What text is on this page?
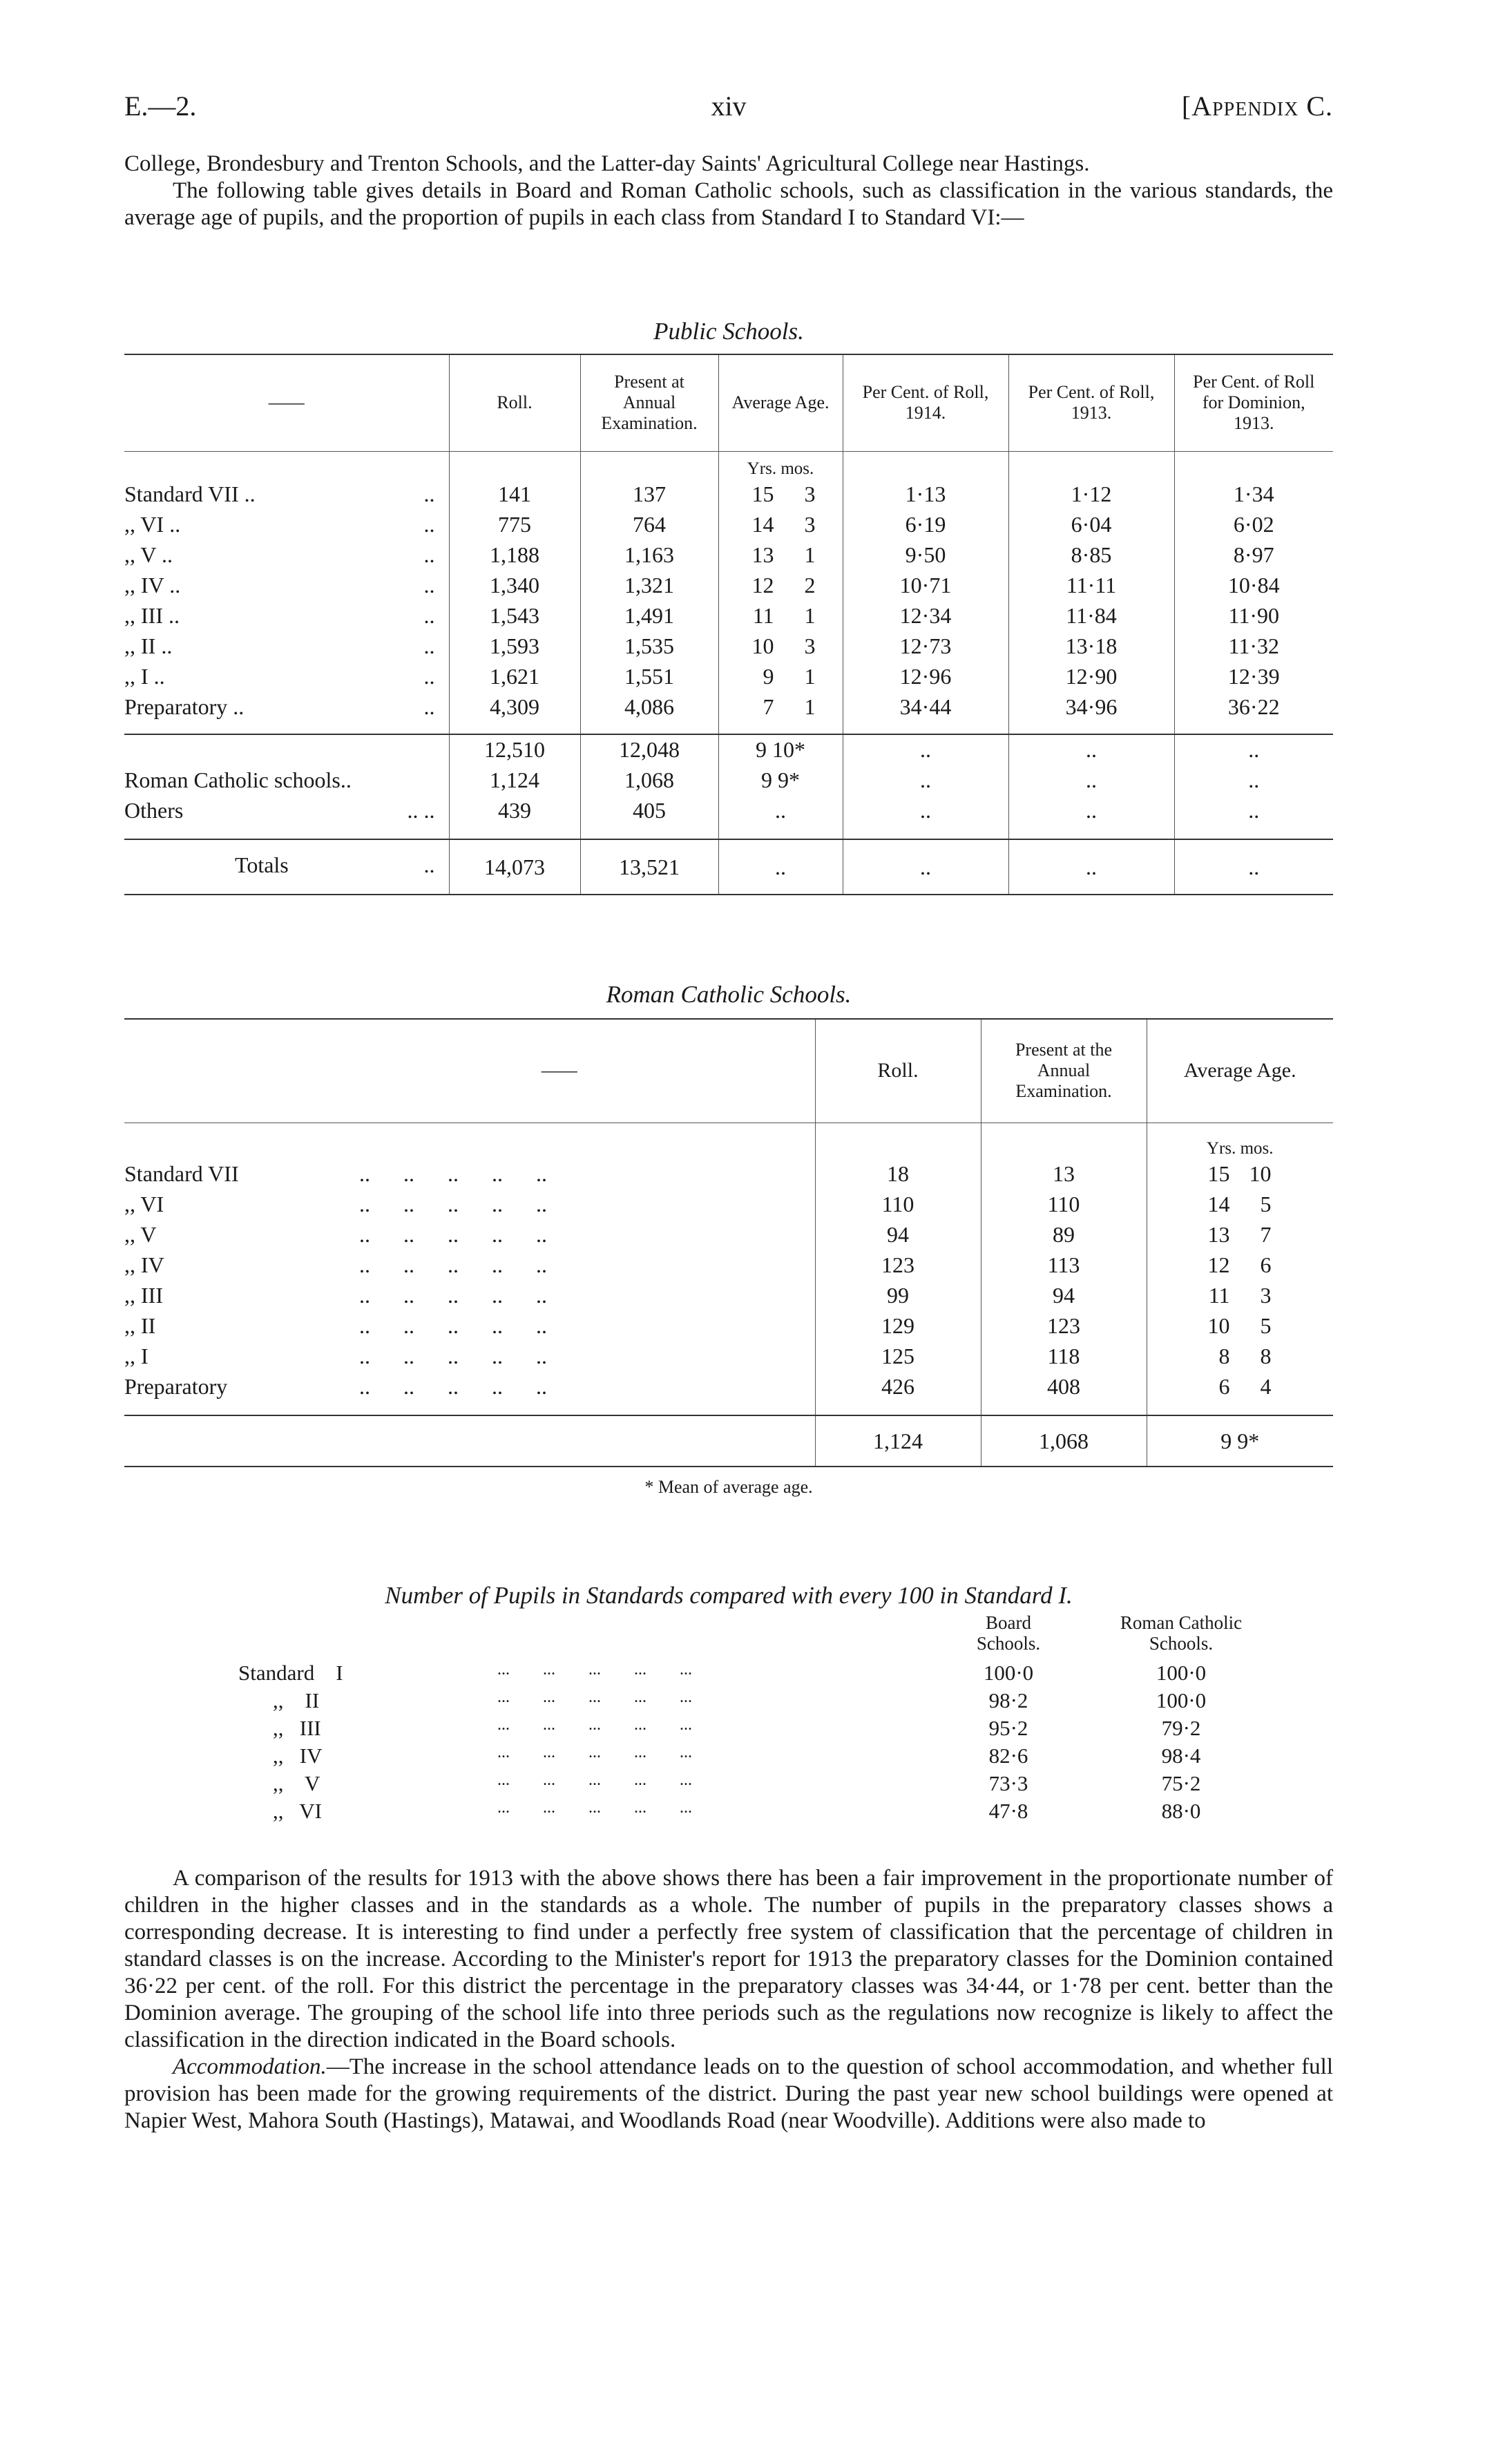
E.—2.	xiv	[Appendix C.

College, Brondesbury and Trenton Schools, and the Latter-day Saints' Agricultural College near Hastings.

The following table gives details in Board and Roman Catholic schools, such as classification in the various standards, the average age of pupils, and the proportion of pupils in each class from Standard I to Standard VI:—

Public Schools.
——	Roll.	Present at Annual Examination.	Average Age.	Per Cent. of Roll, 1914.	Per Cent. of Roll, 1913.	Per Cent. of Roll for Dominion, 1913.
			Yrs. mos.			
Standard VII .. ..	141	137	15 3	1·13	1·12	1·34
,, VI .. ..	775	764	14 3	6·19	6·04	6·02
,, V .. ..	1,188	1,163	13 1	9·50	8·85	8·97
,, IV .. ..	1,340	1,321	12 2	10·71	11·11	10·84
,, III .. ..	1,543	1,491	11 1	12·34	11·84	11·90
,, II .. ..	1,593	1,535	10 3	12·73	13·18	11·32
,, I .. ..	1,621	1,551	9 1	12·96	12·90	12·39
Preparatory .. ..	4,309	4,086	7 1	34·44	34·96	36·22

	12,510	12,048	9 10*	..	..	..
Roman Catholic schools..	1,124	1,068	9 9*	..	..	..
Others .. ..	439	405	..	..	..	..

Totals ..	14,073	13,521	..	..	..	..
Roman Catholic Schools.
——	Roll.	Present at the Annual Examination.	Average Age.
			Yrs. mos.
Standard VII ..      ..      ..      ..      ..	18	13	15 10
,, VI ..      ..      ..      ..      ..	110	110	14 5
,, V ..      ..      ..      ..      ..	94	89	13 7
,, IV ..      ..      ..      ..      ..	123	113	12 6
,, III ..      ..      ..      ..      ..	99	94	11 3
,, II ..      ..      ..      ..      ..	129	123	10 5
,, I ..      ..      ..      ..      ..	125	118	8 8
Preparatory ..      ..      ..      ..      ..	426	408	6 4

	1,124	1,068	9 9*
* Mean of average age.
Number of Pupils in Standards compared with every 100 in Standard I.
Board Schools.
Roman Catholic Schools.
Standard    I	...        ...        ...        ...        ...	100·0	100·0
,,    II	...        ...        ...        ...        ...	98·2	100·0
,,   III	...        ...        ...        ...        ...	95·2	79·2
,,   IV	...        ...        ...        ...        ...	82·6	98·4
,,    V	...        ...        ...        ...        ...	73·3	75·2
,,   VI	...        ...        ...        ...        ...	47·8	88·0

A comparison of the results for 1913 with the above shows there has been a fair improvement in the proportionate number of children in the higher classes and in the standards as a whole. The number of pupils in the preparatory classes shows a corresponding decrease. It is interesting to find under a perfectly free system of classification that the percentage of children in standard classes is on the increase. According to the Minister's report for 1913 the preparatory classes for the Dominion contained 36·22 per cent. of the roll. For this district the percentage in the preparatory classes was 34·44, or 1·78 per cent. better than the Dominion average. The grouping of the school life into three periods such as the regulations now recognize is likely to affect the classification in the direction indicated in the Board schools.

Accommodation.—The increase in the school attendance leads on to the question of school accommodation, and whether full provision has been made for the growing requirements of the district. During the past year new school buildings were opened at Napier West, Mahora South (Hastings), Matawai, and Woodlands Road (near Woodville). Additions were also made to
